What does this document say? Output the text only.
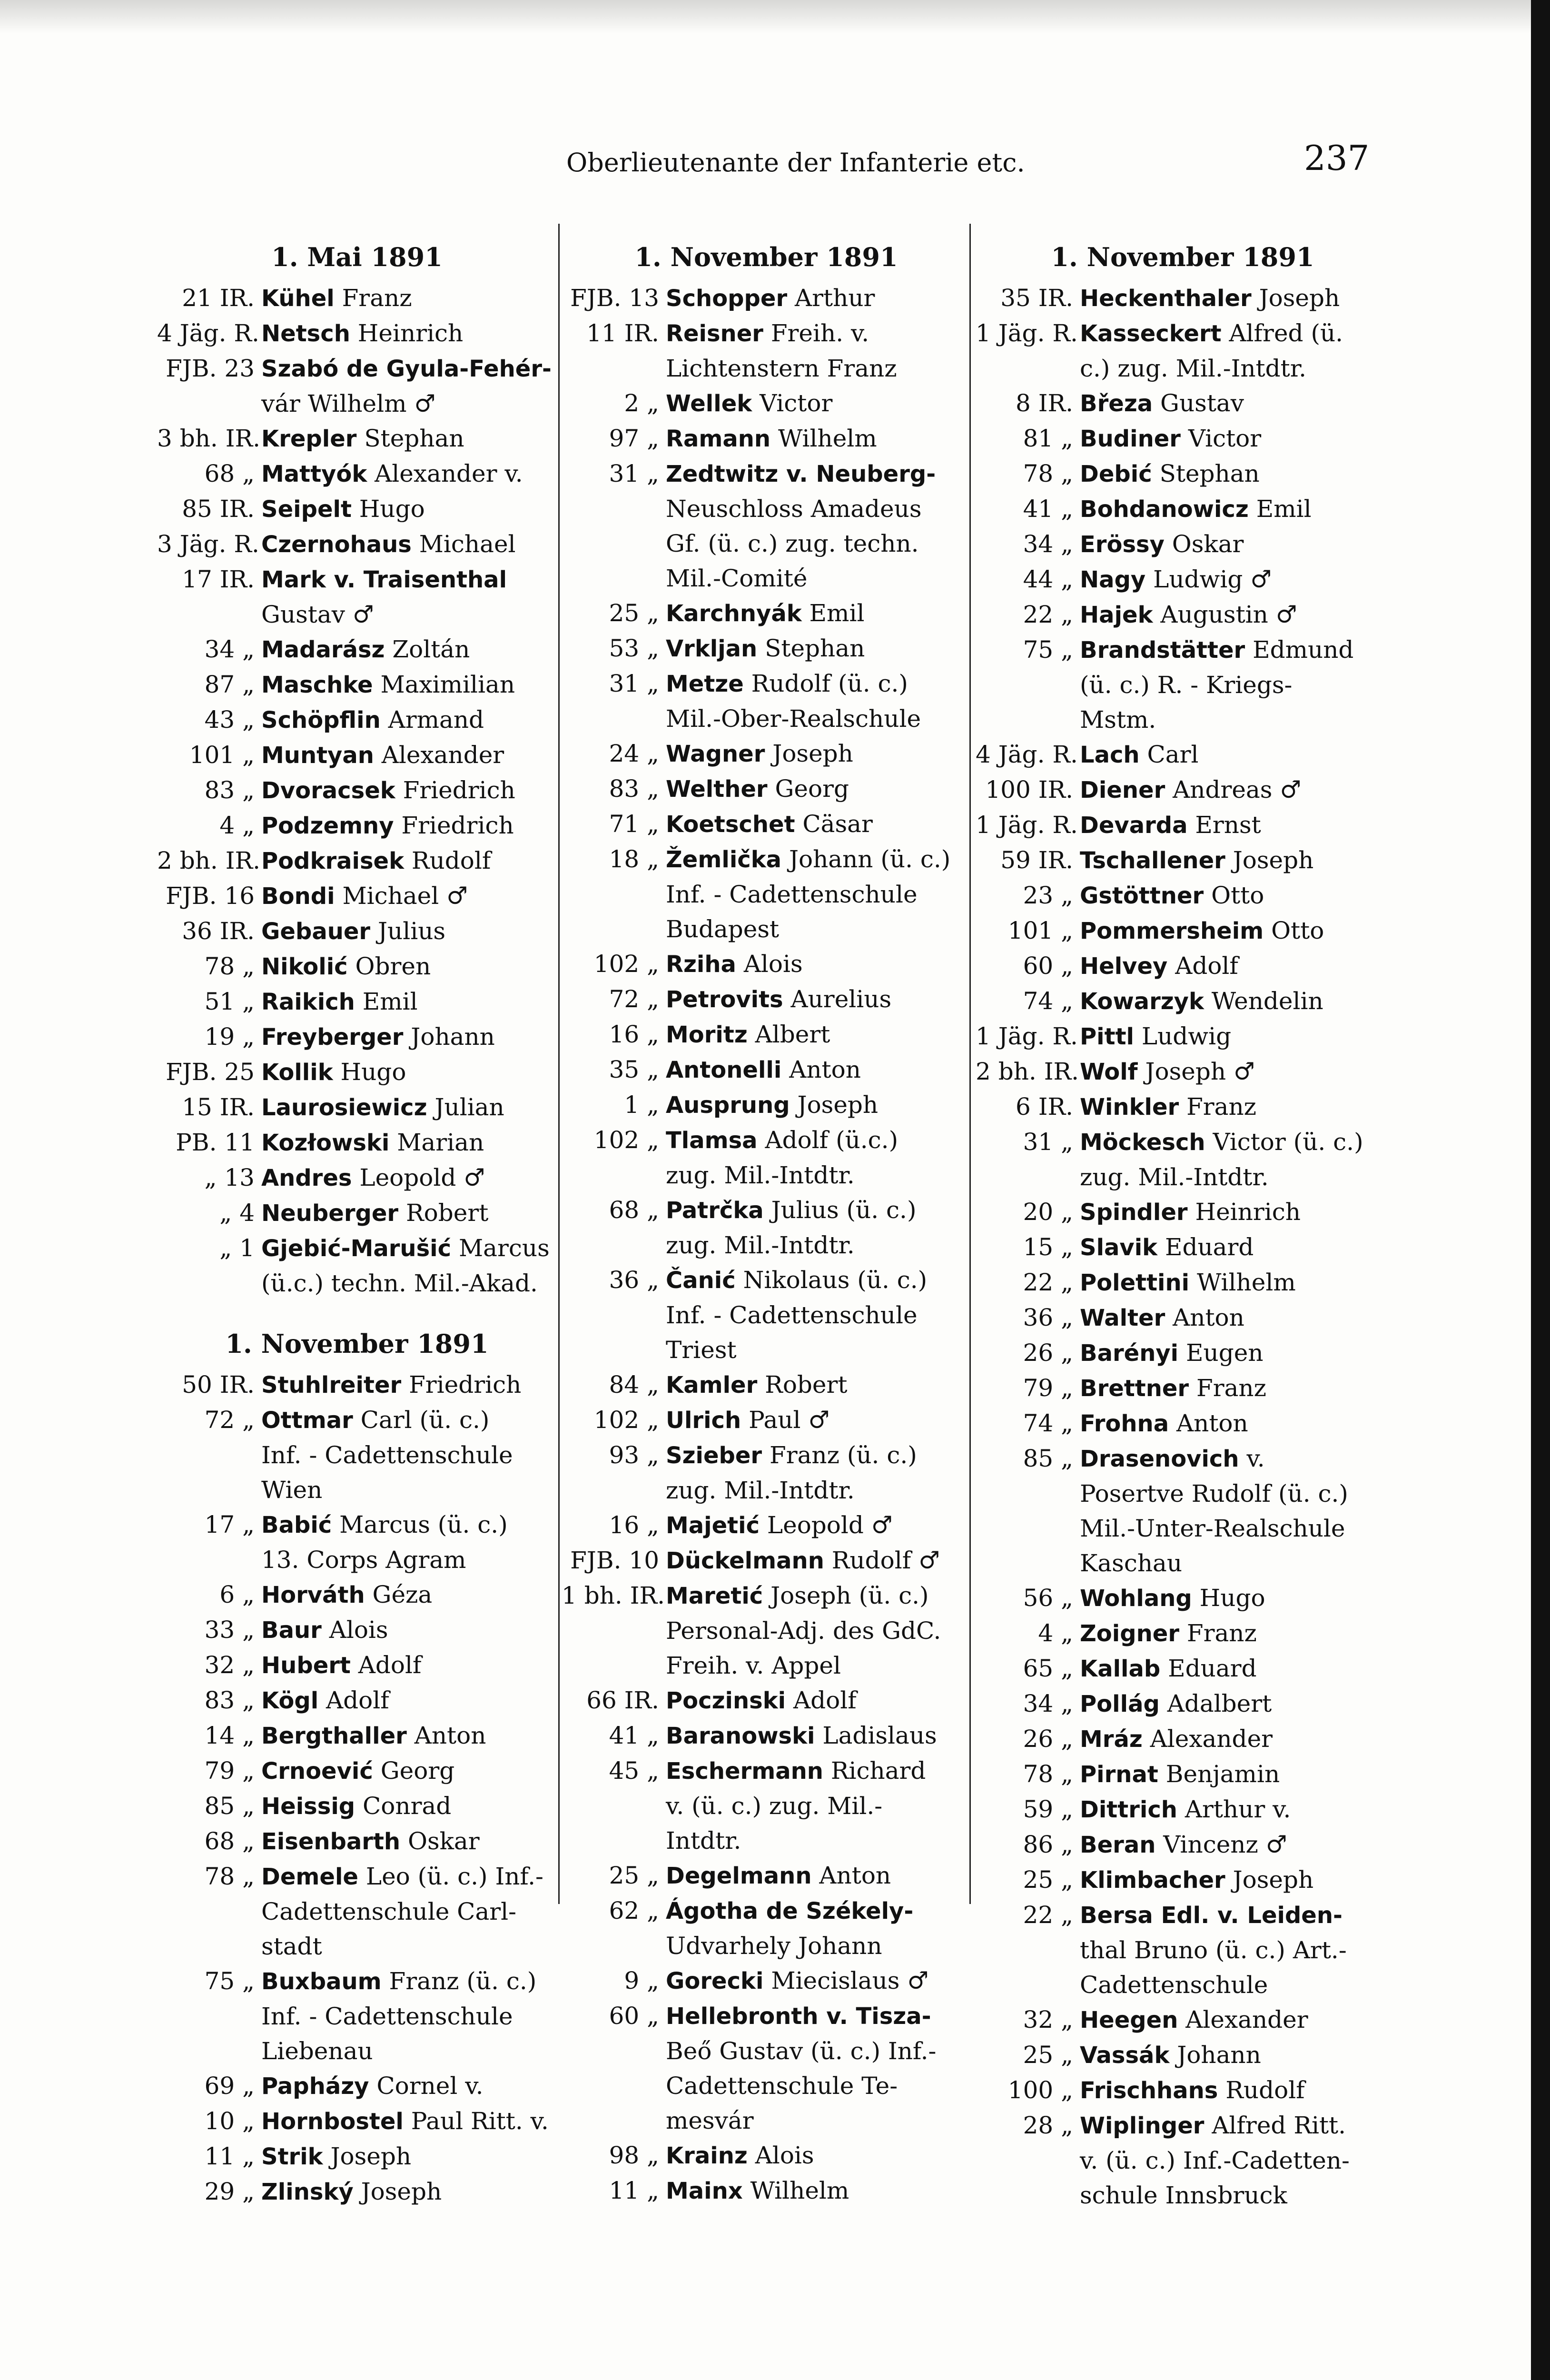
Oberlieutenante der Infanterie etc.	237
1. Mai 1891
21 IR. Kühel Franz
4 Jäg. R. Netsch Heinrich
FJB. 23 Szabó de Gyula-Fehér-
vár Wilhelm ♂
3 bh. IR. Krepler Stephan
68 „ Mattyók Alexander v.
85 IR. Seipelt Hugo
3 Jäg. R. Czernohaus Michael
17 IR. Mark v. Traisenthal
Gustav ♂
34 „ Madarász Zoltán
87 „ Maschke Maximilian
43 „ Schöpflin Armand
101 „ Muntyan Alexander
83 „ Dvoracsek Friedrich
4 „ Podzemny Friedrich
2 bh. IR. Podkraisek Rudolf
FJB. 16 Bondi Michael ♂
36 IR. Gebauer Julius
78 „ Nikolić Obren
51 „ Raikich Emil
19 „ Freyberger Johann
FJB. 25 Kollik Hugo
15 IR. Laurosiewicz Julian
PB. 11 Kozłowski Marian
„ 13 Andres Leopold ♂
„ 4 Neuberger Robert
„ 1 Gjebić-Marušić Marcus
(ü.c.) techn. Mil.-Akad.
1. November 1891
50 IR. Stuhlreiter Friedrich
72 „ Ottmar Carl (ü. c.)
Inf. - Cadettenschule
Wien
17 „ Babić Marcus (ü. c.)
13. Corps Agram
6 „ Horváth Géza
33 „ Baur Alois
32 „ Hubert Adolf
83 „ Kögl Adolf
14 „ Bergthaller Anton
79 „ Crnoević Georg
85 „ Heissig Conrad
68 „ Eisenbarth Oskar
78 „ Demele Leo (ü. c.) Inf.-
Cadettenschule Carl-
stadt
75 „ Buxbaum Franz (ü. c.)
Inf. - Cadettenschule
Liebenau
69 „ Papházy Cornel v.
10 „ Hornbostel Paul Ritt. v.
11 „ Strik Joseph
29 „ Zlinský Joseph
1. November 1891
FJB. 13 Schopper Arthur
11 IR. Reisner Freih. v.
Lichtenstern Franz
2 „ Wellek Victor
97 „ Ramann Wilhelm
31 „ Zedtwitz v. Neuberg-
Neuschloss Amadeus
Gf. (ü. c.) zug. techn.
Mil.-Comité
25 „ Karchnyák Emil
53 „ Vrkljan Stephan
31 „ Metze Rudolf (ü. c.)
Mil.-Ober-Realschule
24 „ Wagner Joseph
83 „ Welther Georg
71 „ Koetschet Cäsar
18 „ Žemlička Johann (ü. c.)
Inf. - Cadettenschule
Budapest
102 „ Rziha Alois
72 „ Petrovits Aurelius
16 „ Moritz Albert
35 „ Antonelli Anton
1 „ Ausprung Joseph
102 „ Tlamsa Adolf (ü.c.)
zug. Mil.-Intdtr.
68 „ Patrčka Julius (ü. c.)
zug. Mil.-Intdtr.
36 „ Čanić Nikolaus (ü. c.)
Inf. - Cadettenschule
Triest
84 „ Kamler Robert
102 „ Ulrich Paul ♂
93 „ Szieber Franz (ü. c.)
zug. Mil.-Intdtr.
16 „ Majetić Leopold ♂
FJB. 10 Dückelmann Rudolf ♂
1 bh. IR. Maretić Joseph (ü. c.)
Personal-Adj. des GdC.
Freih. v. Appel
66 IR. Poczinski Adolf
41 „ Baranowski Ladislaus
45 „ Eschermann Richard
v. (ü. c.) zug. Mil.-
Intdtr.
25 „ Degelmann Anton
62 „ Ágotha de Székely-
Udvarhely Johann
9 „ Gorecki Miecislaus ♂
60 „ Hellebronth v. Tisza-
Beő Gustav (ü. c.) Inf.-
Cadettenschule Te-
mesvár
98 „ Krainz Alois
11 „ Mainx Wilhelm
1. November 1891
35 IR. Heckenthaler Joseph
1 Jäg. R. Kasseckert Alfred (ü.
c.) zug. Mil.-Intdtr.
8 IR. Březa Gustav
81 „ Budiner Victor
78 „ Debić Stephan
41 „ Bohdanowicz Emil
34 „ Erössy Oskar
44 „ Nagy Ludwig ♂
22 „ Hajek Augustin ♂
75 „ Brandstätter Edmund
(ü. c.) R. - Kriegs-
Mstm.
4 Jäg. R. Lach Carl
100 IR. Diener Andreas ♂
1 Jäg. R. Devarda Ernst
59 IR. Tschallener Joseph
23 „ Gstöttner Otto
101 „ Pommersheim Otto
60 „ Helvey Adolf
74 „ Kowarzyk Wendelin
1 Jäg. R. Pittl Ludwig
2 bh. IR. Wolf Joseph ♂
6 IR. Winkler Franz
31 „ Möckesch Victor (ü. c.)
zug. Mil.-Intdtr.
20 „ Spindler Heinrich
15 „ Slavik Eduard
22 „ Polettini Wilhelm
36 „ Walter Anton
26 „ Barényi Eugen
79 „ Brettner Franz
74 „ Frohna Anton
85 „ Drasenovich v.
Posertve Rudolf (ü. c.)
Mil.-Unter-Realschule
Kaschau
56 „ Wohlang Hugo
4 „ Zoigner Franz
65 „ Kallab Eduard
34 „ Pollág Adalbert
26 „ Mráz Alexander
78 „ Pirnat Benjamin
59 „ Dittrich Arthur v.
86 „ Beran Vincenz ♂
25 „ Klimbacher Joseph
22 „ Bersa Edl. v. Leiden-
thal Bruno (ü. c.) Art.-
Cadettenschule
32 „ Heegen Alexander
25 „ Vassák Johann
100 „ Frischhans Rudolf
28 „ Wiplinger Alfred Ritt.
v. (ü. c.) Inf.-Cadetten-
schule Innsbruck
